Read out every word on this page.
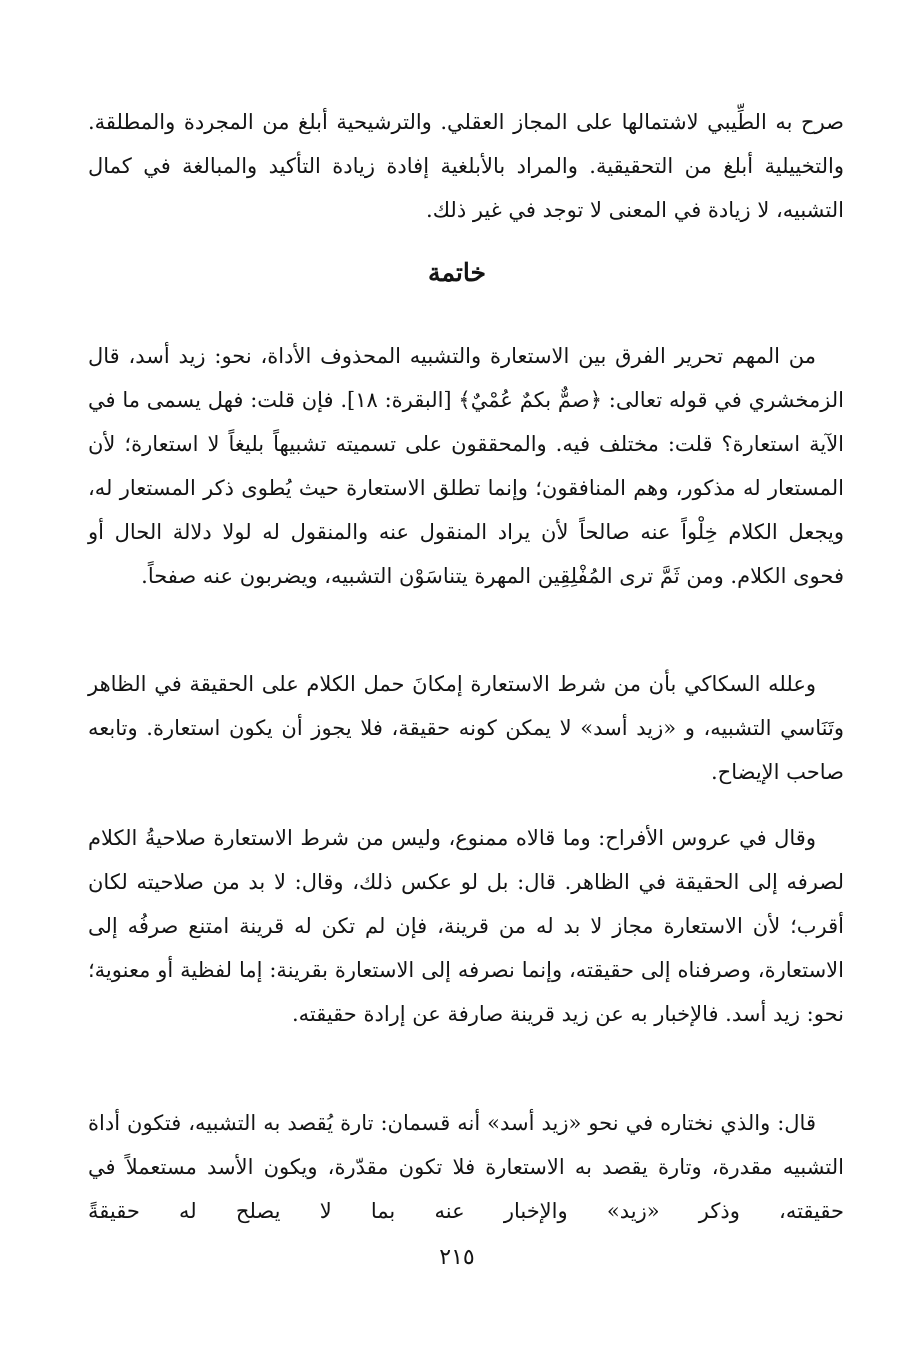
صرح به الطِّيبي لاشتمالها على المجاز العقلي. والترشيحية أبلغ من المجردة والمطلقة. والتخييلية أبلغ من التحقيقية. والمراد بالأبلغية إفادة زيادة التأكيد والمبالغة في كمال التشبيه، لا زيادة في المعنى لا توجد في غير ذلك.

خاتمة

من المهم تحرير الفرق بين الاستعارة والتشبيه المحذوف الأداة، نحو: زيد أسد، قال الزمخشري في قوله تعالى: ﴿صمٌّ بكمٌ عُمْيٌ﴾ [البقرة: ١٨]. فإن قلت: فهل يسمى ما في الآية استعارة؟ قلت: مختلف فيه. والمحققون على تسميته تشبيهاً بليغاً لا استعارة؛ لأن المستعار له مذكور، وهم المنافقون؛ وإنما تطلق الاستعارة حيث يُطوى ذكر المستعار له، ويجعل الكلام خِلْواً عنه صالحاً لأن يراد المنقول عنه والمنقول له لولا دلالة الحال أو فحوى الكلام. ومن ثَمَّ ترى المُفْلِقِين المهرة يتناسَوْن التشبيه، ويضربون عنه صفحاً.

وعلله السكاكي بأن من شرط الاستعارة إمكانَ حمل الكلام على الحقيقة في الظاهر وتَنَاسي التشبيه، و «زيد أسد» لا يمكن كونه حقيقة، فلا يجوز أن يكون استعارة. وتابعه صاحب الإيضاح.

وقال في عروس الأفراح: وما قالاه ممنوع، وليس من شرط الاستعارة صلاحيةُ الكلام لصرفه إلى الحقيقة في الظاهر. قال: بل لو عكس ذلك، وقال: لا بد من صلاحيته لكان أقرب؛ لأن الاستعارة مجاز لا بد له من قرينة، فإن لم تكن له قرينة امتنع صرفُه إلى الاستعارة، وصرفناه إلى حقيقته، وإنما نصرفه إلى الاستعارة بقرينة: إما لفظية أو معنوية؛ نحو: زيد أسد. فالإخبار به عن زيد قرينة صارفة عن إرادة حقيقته.

قال: والذي نختاره في نحو «زيد أسد» أنه قسمان: تارة يُقصد به التشبيه، فتكون أداة التشبيه مقدرة، وتارة يقصد به الاستعارة فلا تكون مقدّرة، ويكون الأسد مستعملاً في حقيقته، وذكر «زيد» والإخبار عنه بما لا يصلح له حقيقةً

٢١٥
